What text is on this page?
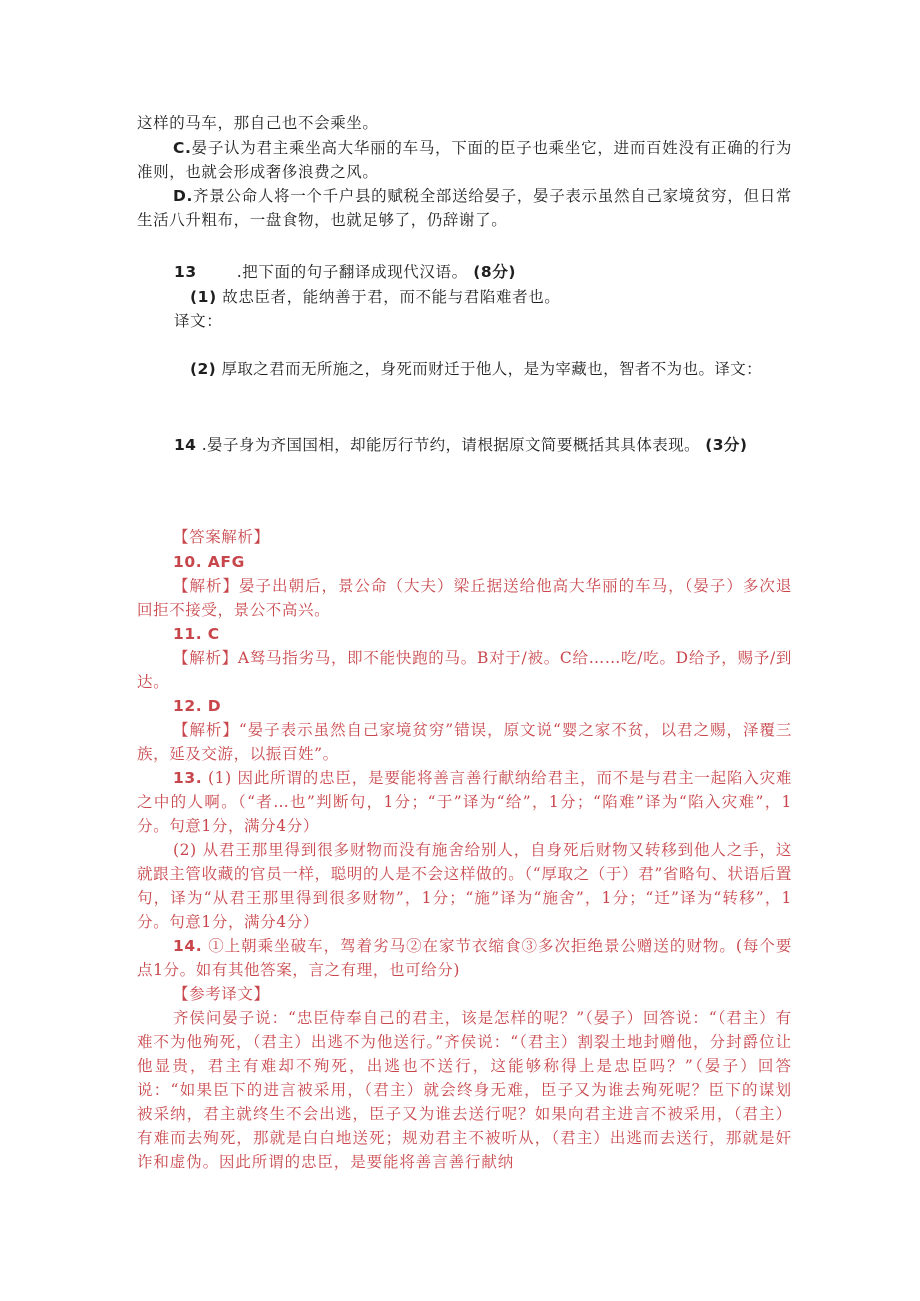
这样的马车，那自己也不会乘坐。

C.晏子认为君主乘坐高大华丽的车马，下面的臣子也乘坐它，进而百姓没有正确的行为准则，也就会形成奢侈浪费之风。

D.齐景公命人将一个千户县的赋税全部送给晏子，晏子表示虽然自己家境贫穷，但日常生活八升粗布，一盘食物，也就足够了，仍辞谢了。

13	.把下面的句子翻译成现代汉语。 (8分)

(1) 故忠臣者，能纳善于君，而不能与君陷难者也。

译文：

(2) 厚取之君而无所施之，身死而财迁于他人，是为宰藏也，智者不为也。译文：

14 .晏子身为齐国国相，却能厉行节约，请根据原文简要概括其具体表现。 (3分)

【答案解析】

10. AFG

【解析】晏子出朝后，景公命（大夫）梁丘据送给他高大华丽的车马，（晏子）多次退回拒不接受，景公不高兴。

11. C

【解析】A驽马指劣马，即不能快跑的马。B对于/被。C给……吃/吃。D给予，赐予/到达。

12. D

【解析】“晏子表示虽然自己家境贫穷”错误，原文说“婴之家不贫，以君之赐，泽覆三族，延及交游，以振百姓”。

13. (1) 因此所谓的忠臣，是要能将善言善行献纳给君主，而不是与君主一起陷入灾难之中的人啊。（“者…也”判断句，1分；“于”译为“给”，1分；“陷难”译为“陷入灾难”，1分。句意1分，满分4分）

(2) 从君王那里得到很多财物而没有施舍给别人，自身死后财物又转移到他人之手，这就跟主管收藏的官员一样，聪明的人是不会这样做的。（“厚取之（于）君”省略句、状语后置句，译为“从君王那里得到很多财物”，1分；“施”译为“施舍”，1分；“迁”译为“转移”，1分。句意1分，满分4分）

14. ①上朝乘坐破车，驾着劣马②在家节衣缩食③多次拒绝景公赠送的财物。(每个要点1分。如有其他答案，言之有理，也可给分)

【参考译文】

齐侯问晏子说：“忠臣侍奉自己的君主，该是怎样的呢？”（晏子）回答说：“（君主）有难不为他殉死，（君主）出逃不为他送行。”齐侯说：“（君主）割裂土地封赠他，分封爵位让他显贵，君主有难却不殉死，出逃也不送行，这能够称得上是忠臣吗？”（晏子）回答说：“如果臣下的进言被采用，（君主）就会终身无难，臣子又为谁去殉死呢？臣下的谋划被采纳，君主就终生不会出逃，臣子又为谁去送行呢？如果向君主进言不被采用，（君主）有难而去殉死，那就是白白地送死；规劝君主不被听从，（君主）出逃而去送行，那就是奸诈和虚伪。因此所谓的忠臣，是要能将善言善行献纳
